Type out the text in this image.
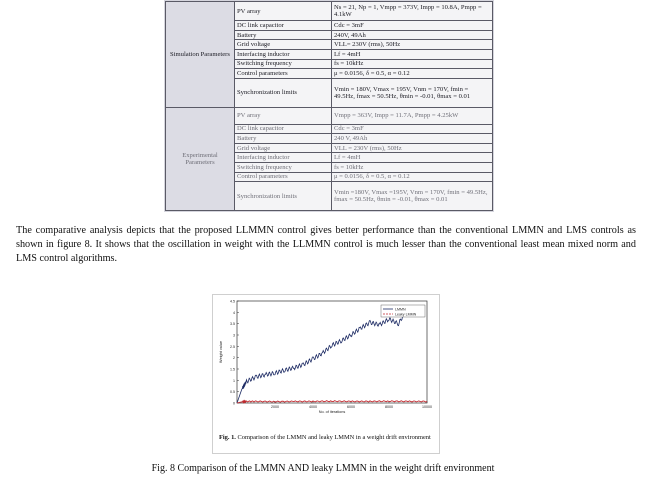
Simulation Parameters	PV array	Ns = 21, Np = 1, Vmpp = 373V, Impp = 10.8A, Pmpp = 4.1kW
	DC link capacitor	Cdc = 3mF
	Battery	240V, 49Ah
	Grid voltage	VLL= 230V (rms), 50Hz
	Interfacing inductor	Lf = 4mH
	Switching frequency	fs = 10kHz
	Control parameters	μ = 0.0156, δ = 0.5, α = 0.12
	Synchronization limits	Vmin = 180V, Vmax = 195V, Vnm = 170V, fmin = 49.5Hz, fmax = 50.5Hz, θmin = -0.01, θmax = 0.01
Experimental Parameters	PV array	Vmpp = 363V, Impp = 11.7A, Pmpp = 4.25kW
	DC link capacitor	Cdc = 3mF
	Battery	240 V, 49Ah
	Grid voltage	VLL = 230V (rms), 50Hz
	Interfacing inductor	Lf = 4mH
	Switching frequency	fs = 10kHz
	Control parameters	μ = 0.0156, δ = 0.5, α = 0.12
	Synchronization limits	Vmin =180V, Vmax =195V, Vnm = 170V, fmin = 49.5Hz, fmax = 50.5Hz, θmin = -0.01, θmax = 0.01

The comparative analysis depicts that the proposed LLMMN control gives better performance than the conventional LMMN and LMS controls as shown in figure 8. It shows that the oscillation in weight with the LLMMN control is much lesser than the conventional least mean mixed norm and LMS control algorithms.

0
0.5
1
1.5
2
2.5
3
3.5
4
4.5
2000	4000	6000	8000	10000
No. of iterations
Weight value
LMMN
Leaky LMMN

Fig. 1. Comparison of the LMMN and leaky LMMN in a weight drift environment

Fig. 8 Comparison of the LMMN AND leaky LMMN in the weight drift environment
